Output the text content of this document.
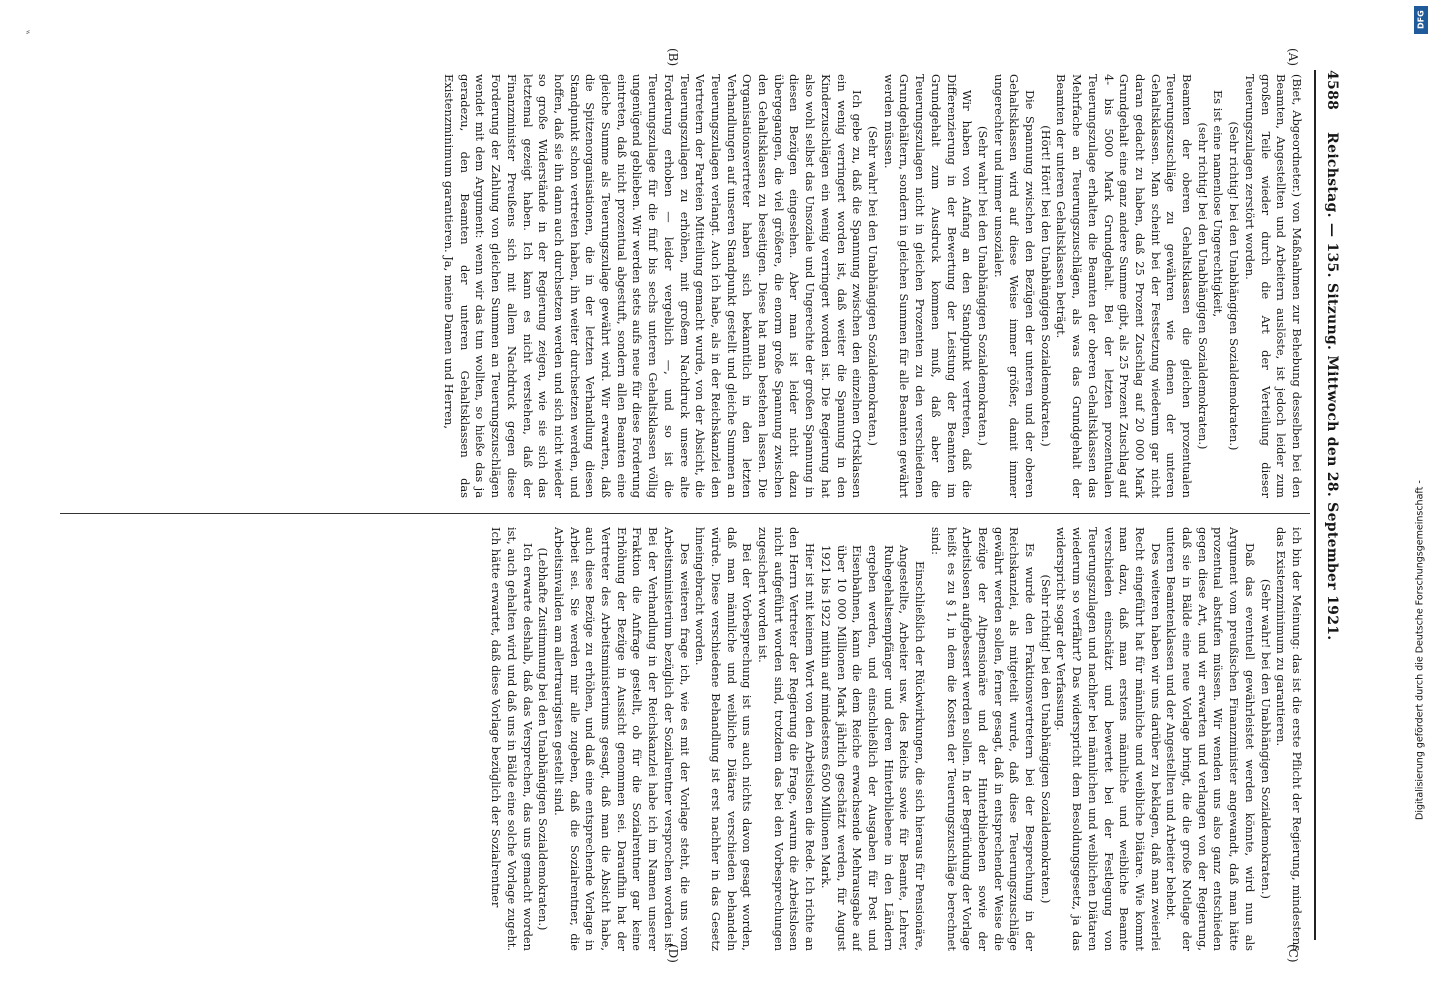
⸗
4588
Reichstag. — 135. Sitzung. Mittwoch den 28. September 1921.
(A)
(B)
(C)
(D)

(Biet, Abgeordneter.) von Maßnahmen zur Behebung desselben bei den Beamten, Angestellten und Arbeitern auslöste, ist jedoch leider zum großen Teile wieder durch die Art der Verteilung dieser Teuerungszulagen zerstört worden.

(Sehr richtig! bei den Unabhängigen Sozialdemokraten.)

Es ist eine namenlose Ungerechtigkeit,

(sehr richtig! bei den Unabhängigen Sozialdemokraten.)

Beamten der oberen Gehaltsklassen die gleichen prozentualen Teuerungszuschläge zu gewähren wie denen der unteren Gehaltsklassen. Man scheint bei der Festsetzung wiederum gar nicht daran gedacht zu haben, daß 25 Prozent Zuschlag auf 20 000 Mark Grundgehalt eine ganz andere Summe gibt, als 25 Prozent Zuschlag auf 4- bis 5000 Mark Grundgehalt. Bei der letzten prozentualen Teuerungszulage erhalten die Beamten der oberen Gehaltsklassen das Mehrfache an Teuerungszuschlägen, als was das Grundgehalt der Beamten der unteren Gehaltsklassen beträgt.

(Hört! Hört! bei den Unabhängigen Sozialdemokraten.)

Die Spannung zwischen den Bezügen der unteren und der oberen Gehaltsklassen wird auf diese Weise immer größer, damit immer ungerechter und immer unsozialer.

(Sehr wahr! bei den Unabhängigen Sozialdemokraten.)

Wir haben von Anfang an den Standpunkt vertreten, daß die Differenzierung in der Bewertung der Leistung der Beamten im Grundgehalt zum Ausdruck kommen muß, daß aber die Teuerungszulagen nicht in gleichen Prozenten zu den verschiedenen Grundgehältern, sondern in gleichen Summen für alle Beamten gewährt werden müssen.

(Sehr wahr! bei den Unabhängigen Sozialdemokraten.)

Ich gebe zu, daß die Spannung zwischen den einzelnen Ortsklassen ein wenig verringert worden ist, daß weiter die Spannung in den Kinderzuschlägen ein wenig verringert worden ist. Die Regierung hat also wohl selbst das Unsoziale und Ungerechte der großen Spannung in diesen Bezügen eingesehen. Aber man ist leider nicht dazu übergegangen, die viel größere, die enorm große Spannung zwischen den Gehaltsklassen zu beseitigen. Diese hat man bestehen lassen. Die Organisationsvertreter haben sich bekanntlich in den letzten Verhandlungen auf unseren Standpunkt gestellt und gleiche Summen an Teuerungszulagen verlangt. Auch ich habe, als in der Reichskanzlei den Vertretern der Parteien Mitteilung gemacht wurde, von der Absicht, die Teuerungszulagen zu erhöhen, mit großem Nachdruck unsere alte Forderung erhoben — leider vergeblich —, und so ist die Teuerungszulage für die fünf bis sechs unteren Gehaltsklassen völlig ungenügend geblieben. Wir werden stets aufs neue für diese Forderung eintreten, daß nicht prozentual abgestuft, sondern allen Beamten eine gleiche Summe als Teuerungszulage gewährt wird. Wir erwarten, daß die Spitzenorganisationen, die in der letzten Verhandlung diesen Standpunkt schon vertreten haben, ihn weiter durchsetzen werden, und hoffen, daß sie ihn dann auch durchsetzen werden und sich nicht wieder so große Widerstände in der Regierung zeigen, wie sie sich das letztemal gezeigt haben. Ich kann es nicht verstehen, daß der Finanzminister Preußens sich mit allem Nachdruck gegen diese Forderung der Zahlung von gleichen Summen an Teuerungszuschlägen wendet mit dem Argument: wenn wir das tun wollten, so hieße das ja geradezu, den Beamten der unteren Gehaltsklassen das Existenzminimum garantieren. Ja, meine Damen und Herren,

ich bin der Meinung: das ist die erste Pflicht der Regierung, mindestens das Existenzminimum zu garantieren.

(Sehr wahr! bei den Unabhängigen Sozialdemokraten.)

Daß das eventuell gewährleistet werden könnte, wird nun als Argument vom preußischen Finanzminister angewandt, daß man hätte prozentual abstufen müssen. Wir wenden uns also ganz entschieden gegen diese Art, und wir erwarten und verlangen von der Regierung, daß sie in Bälde eine neue Vorlage bringt, die die große Notlage der unteren Beamtenklassen und der Angestellten und Arbeiter behebt.

Des weiteren haben wir uns darüber zu beklagen, daß man zweierlei Recht eingeführt hat für männliche und weibliche Diätare. Wie kommt man dazu, daß man erstens männliche und weibliche Beamte verschieden einschätzt und bewertet bei der Festlegung von Teuerungszulagen und nachher bei männlichen und weiblichen Diätaren wiederum so verfährt? Das widerspricht dem Besoldungsgesetz, ja das widerspricht sogar der Verfassung.

(Sehr richtig! bei den Unabhängigen Sozialdemokraten.)

Es wurde den Fraktionsvertretern bei der Besprechung in der Reichskanzlei, als mitgeteilt wurde, daß diese Teuerungszuschläge gewährt werden sollen, ferner gesagt, daß in entsprechender Weise die Bezüge der Altpensionäre und der Hinterbliebenen sowie der Arbeitslosen aufgebessert werden sollen. In der Begründung der Vorlage heißt es zu § 1, in dem die Kosten der Teuerungszuschläge berechnet sind:

Einschließlich der Rückwirkungen, die sich hieraus für Pensionäre, Angestellte, Arbeiter usw. des Reichs sowie für Beamte, Lehrer, Ruhegehaltsempfänger und deren Hinterbliebene in den Ländern ergeben werden, und einschließlich der Ausgaben für Post und Eisenbahnen, kann die dem Reiche erwachsende Mehrausgabe auf über 10 000 Millionen Mark jährlich geschätzt werden, für August 1921 bis 1922 mithin auf mindestens 6500 Millionen Mark.

Hier ist mit keinem Wort von den Arbeitslosen die Rede. Ich richte an den Herrn Vertreter der Regierung die Frage, warum die Arbeitslosen nicht aufgeführt worden sind, trotzdem das bei den Vorbesprechungen zugesichert worden ist.

Bei der Vorbesprechung ist uns auch nichts davon gesagt worden, daß man männliche und weibliche Diätare verschieden behandeln würde. Diese verschiedene Behandlung ist erst nachher in das Gesetz hineingebracht worden.

Des weiteren frage ich, wie es mit der Vorlage steht, die uns vom Arbeitsministerium bezüglich der Sozialrentner versprochen worden ist. Bei der Verhandlung in der Reichskanzlei habe ich im Namen unserer Fraktion die Anfrage gestellt, ob für die Sozialrentner gar keine Erhöhung der Bezüge in Aussicht genommen sei. Daraufhin hat der Vertreter des Arbeitsministeriums gesagt, daß man die Absicht habe, auch diese Bezüge zu erhöhen, und daß eine entsprechende Vorlage in Arbeit sei. Sie werden mir alle zugeben, daß die Sozialrentner, die Arbeitsinvaliden am allertraurigsten gestellt sind.

(Lebhafte Zustimmung bei den Unabhängigen Sozialdemokraten.)

Ich erwarte deshalb, daß das Versprechen, das uns gemacht worden ist, auch gehalten wird und daß uns in Bälde eine solche Vorlage zugeht. Ich hätte erwartet, daß diese Vorlage bezüglich der Sozialrentner

DFG
Digitalisierung gefördert durch die Deutsche Forschungsgemeinschaft -
